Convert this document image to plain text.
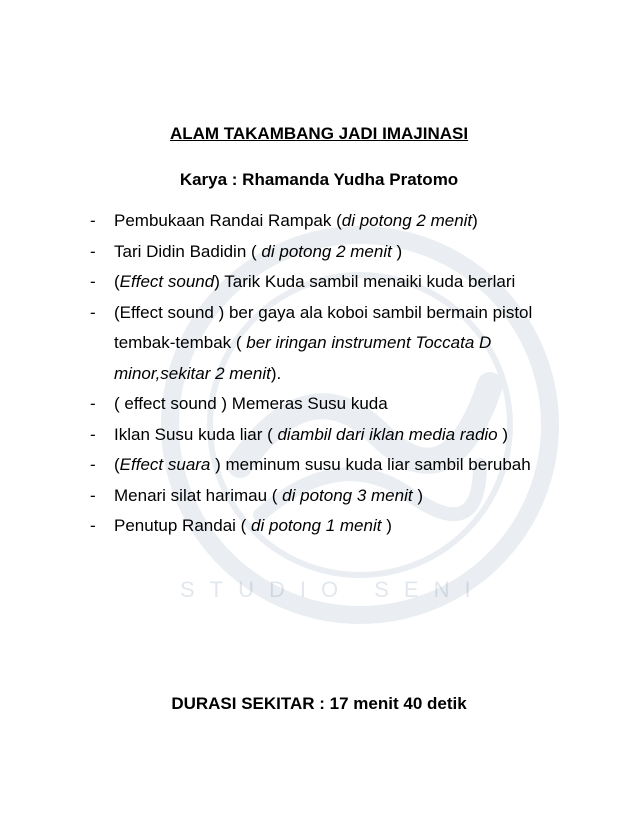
STUDIO SENI
ALAM TAKAMBANG JADI IMAJINASI

Karya : Rhamanda Yudha Pratomo

- Pembukaan Randai Rampak (di potong 2 menit)
- Tari Didin Badidin ( di potong 2 menit )
- (Effect sound) Tarik Kuda sambil menaiki kuda berlari
- (Effect sound ) ber gaya ala koboi sambil bermain pistol tembak-tembak ( ber iringan instrument Toccata D minor,sekitar 2 menit).
- ( effect sound ) Memeras Susu kuda
- Iklan Susu kuda liar ( diambil dari iklan media radio )
- (Effect suara ) meminum susu kuda liar sambil berubah
- Menari silat harimau ( di potong 3 menit )
- Penutup Randai ( di potong 1 menit )

DURASI SEKITAR : 17 menit 40 detik
